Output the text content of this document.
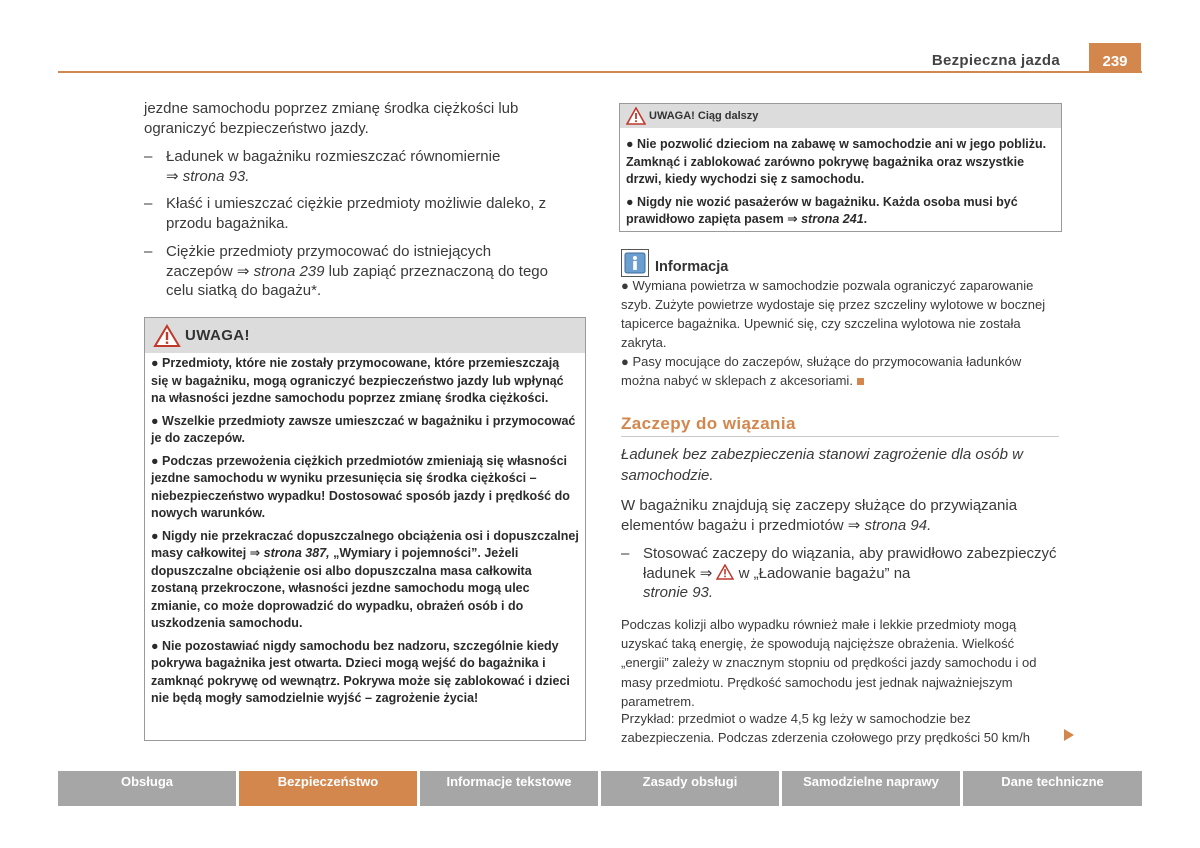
Bezpieczna jazda	239
jezdne samochodu poprzez zmianę środka ciężkości lub ograniczyć bezpieczeństwo jazdy.
– Ładunek w bagażniku rozmieszczać równomiernie
⇒ strona 93.
– Kłaść i umieszczać ciężkie przedmioty możliwie daleko, z
przodu bagażnika.
– Ciężkie przedmioty przymocować do istniejących
zaczepów ⇒ strona 239 lub zapiąć przeznaczoną do tego
celu siatką do bagażu*.
UWAGA!
● Przedmioty, które nie zostały przymocowane, które przemieszczają się w bagażniku, mogą ograniczyć bezpieczeństwo jazdy lub wpłynąć na własności jezdne samochodu poprzez zmianę środka ciężkości.
● Wszelkie przedmioty zawsze umieszczać w bagażniku i przymocować je do zaczepów.
● Podczas przewożenia ciężkich przedmiotów zmieniają się własności jezdne samochodu w wyniku przesunięcia się środka ciężkości – niebezpieczeństwo wypadku! Dostosować sposób jazdy i prędkość do nowych warunków.
● Nigdy nie przekraczać dopuszczalnego obciążenia osi i dopuszczalnej masy całkowitej ⇒ strona 387, „Wymiary i pojemności”. Jeżeli dopuszczalne obciążenie osi albo dopuszczalna masa całkowita zostaną przekroczone, własności jezdne samochodu mogą ulec zmianie, co może doprowadzić do wypadku, obrażeń osób i do uszkodzenia samochodu.
● Nie pozostawiać nigdy samochodu bez nadzoru, szczególnie kiedy pokrywa bagażnika jest otwarta. Dzieci mogą wejść do bagażnika i zamknąć pokrywę od wewnątrz. Pokrywa może się zablokować i dzieci nie będą mogły samodzielnie wyjść – zagrożenie życia!
UWAGA! Ciąg dalszy
● Nie pozwolić dzieciom na zabawę w samochodzie ani w jego pobliżu. Zamknąć i zablokować zarówno pokrywę bagażnika oraz wszystkie drzwi, kiedy wychodzi się z samochodu.
● Nigdy nie wozić pasażerów w bagażniku. Każda osoba musi być prawidłowo zapięta pasem ⇒ strona 241.
Informacja
● Wymiana powietrza w samochodzie pozwala ograniczyć zaparowanie szyb. Zużyte powietrze wydostaje się przez szczeliny wylotowe w bocznej tapicerce bagażnika. Upewnić się, czy szczelina wylotowa nie została zakryta.
● Pasy mocujące do zaczepów, służące do przymocowania ładunków można nabyć w sklepach z akcesoriami.
Zaczepy do wiązania
Ładunek bez zabezpieczenia stanowi zagrożenie dla osób w samochodzie.
W bagażniku znajdują się zaczepy służące do przywiązania elementów bagażu i przedmiotów ⇒ strona 94.
– Stosować zaczepy do wiązania, aby prawidłowo zabezpieczyć ładunek ⇒  w „Ładowanie bagażu” na
stronie 93.
Podczas kolizji albo wypadku również małe i lekkie przedmioty mogą uzyskać taką energię, że spowodują najcięższe obrażenia. Wielkość „energii” zależy w znacznym stopniu od prędkości jazdy samochodu i od masy przedmiotu. Prędkość samochodu jest jednak najważniejszym parametrem.
Przykład: przedmiot o wadze 4,5 kg leży w samochodzie bez zabezpieczenia. Podczas zderzenia czołowego przy prędkości 50 km/h
Obsługa	Bezpieczeństwo	Informacje tekstowe	Zasady obsługi	Samodzielne naprawy	Dane techniczne
